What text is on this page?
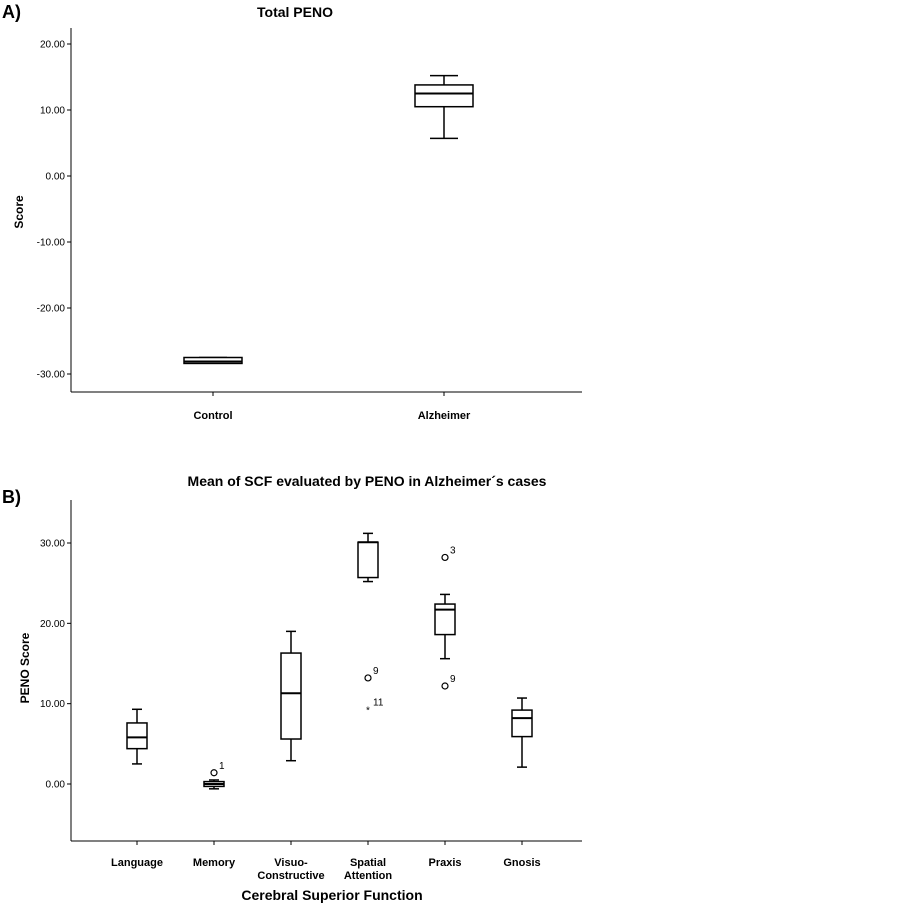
A)	Total PENO
Score
20.00
10.00
0.00
-10.00
-20.00
-30.00
Control	Alzheimer
B)
Mean of SCF evaluated by PENO in Alzheimer´s cases
PENO Score
Cerebral Superior Function
30.00
20.00
10.00
0.00
Language	Memory	Visuo-Constructive
Spatial Attention
Praxis	Gnosis
1
9
*
11
3
9
